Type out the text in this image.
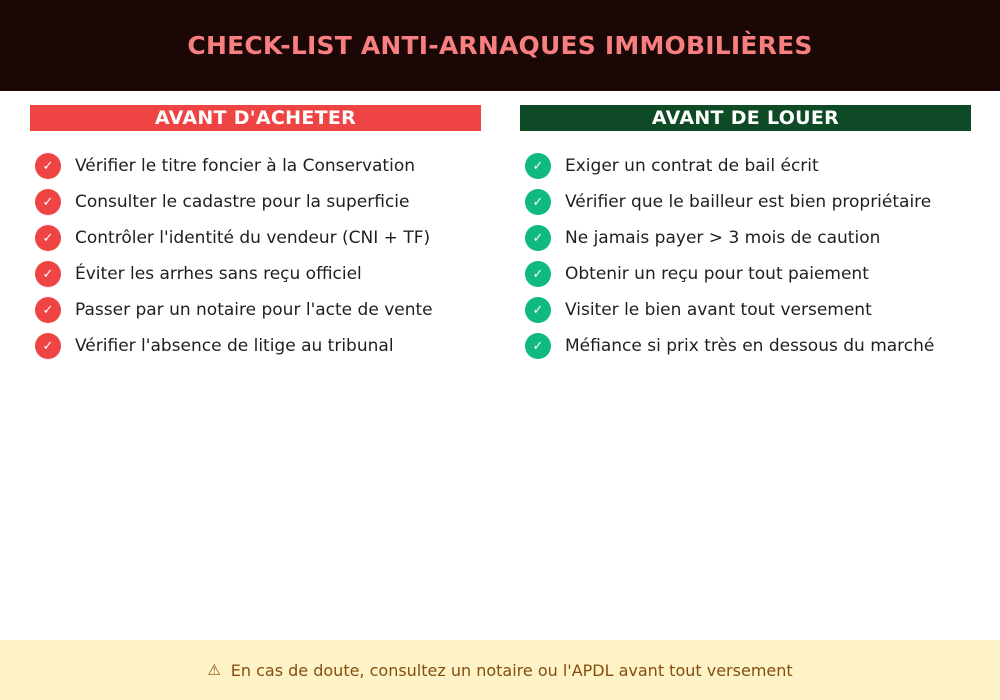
CHECK-LIST ANTI-ARNAQUES IMMOBILIÈRES
AVANT D'ACHETER
✓	Vérifier le titre foncier à la Conservation
✓	Consulter le cadastre pour la superficie
✓	Contrôler l'identité du vendeur (CNI + TF)
✓	Éviter les arrhes sans reçu officiel
✓	Passer par un notaire pour l'acte de vente
✓	Vérifier l'absence de litige au tribunal
AVANT DE LOUER
✓	Exiger un contrat de bail écrit
✓	Vérifier que le bailleur est bien propriétaire
✓	Ne jamais payer > 3 mois de caution
✓	Obtenir un reçu pour tout paiement
✓	Visiter le bien avant tout versement
✓	Méfiance si prix très en dessous du marché
⚠ En cas de doute, consultez un notaire ou l'APDL avant tout versement
